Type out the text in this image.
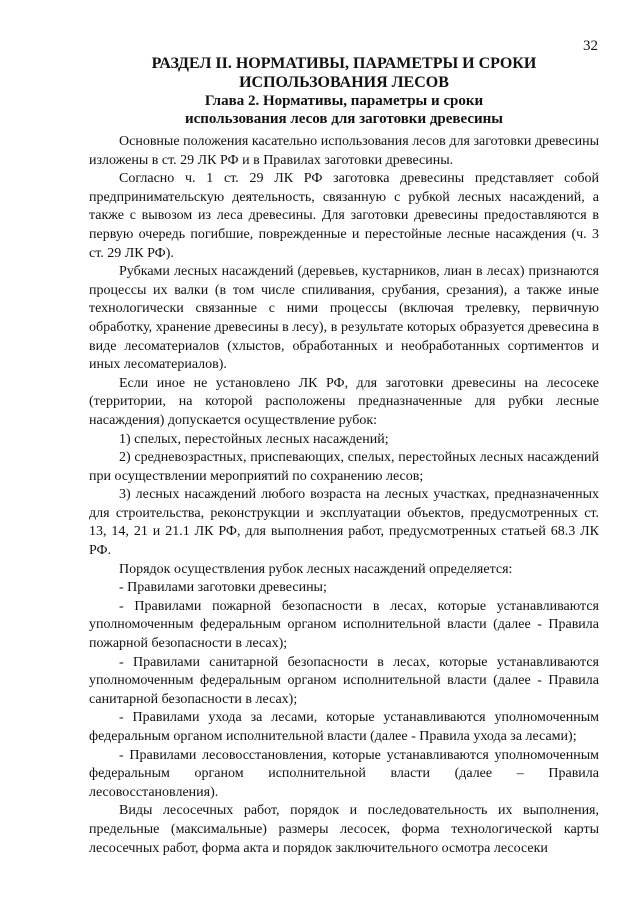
32

РАЗДЕЛ II. НОРМАТИВЫ, ПАРАМЕТРЫ И СРОКИ

ИСПОЛЬЗОВАНИЯ ЛЕСОВ

Глава 2. Нормативы, параметры и сроки

использования лесов для заготовки древесины

Основные положения касательно использования лесов для заготовки древесины изложены в ст. 29 ЛК РФ и в Правилах заготовки древесины.

Согласно ч. 1 ст. 29 ЛК РФ заготовка древесины представляет собой предпринимательскую деятельность, связанную с рубкой лесных насаждений, а также с вывозом из леса древесины. Для заготовки древесины предоставляются в первую очередь погибшие, поврежденные и перестойные лесные насаждения (ч. 3 ст. 29 ЛК РФ).

Рубками лесных насаждений (деревьев, кустарников, лиан в лесах) признаются процессы их валки (в том числе спиливания, срубания, срезания), а также иные технологически связанные с ними процессы (включая трелевку, первичную обработку, хранение древесины в лесу), в результате которых образуется древесина в виде лесоматериалов (хлыстов, обработанных и необработанных сортиментов и иных лесоматериалов).

Если иное не установлено ЛК РФ, для заготовки древесины на лесосеке (территории, на которой расположены предназначенные для рубки лесные насаждения) допускается осуществление рубок:

1) спелых, перестойных лесных насаждений;

2) средневозрастных, приспевающих, спелых, перестойных лесных насаждений при осуществлении мероприятий по сохранению лесов;

3) лесных насаждений любого возраста на лесных участках, предназначенных для строительства, реконструкции и эксплуатации объектов, предусмотренных ст. 13, 14, 21 и 21.1 ЛК РФ, для выполнения работ, предусмотренных статьей 68.3 ЛК РФ.

Порядок осуществления рубок лесных насаждений определяется:

- Правилами заготовки древесины;

- Правилами пожарной безопасности в лесах, которые устанавливаются уполномоченным федеральным органом исполнительной власти (далее - Правила пожарной безопасности в лесах);

- Правилами санитарной безопасности в лесах, которые устанавливаются уполномоченным федеральным органом исполнительной власти (далее - Правила санитарной безопасности в лесах);

- Правилами ухода за лесами, которые устанавливаются уполномоченным федеральным органом исполнительной власти (далее - Правила ухода за лесами);

- Правилами лесовосстановления, которые устанавливаются уполномоченным федеральным органом исполнительной власти (далее – Правила лесовосстановления).

Виды лесосечных работ, порядок и последовательность их выполнения, предельные (максимальные) размеры лесосек, форма технологической карты лесосечных работ, форма акта и порядок заключительного осмотра лесосеки
